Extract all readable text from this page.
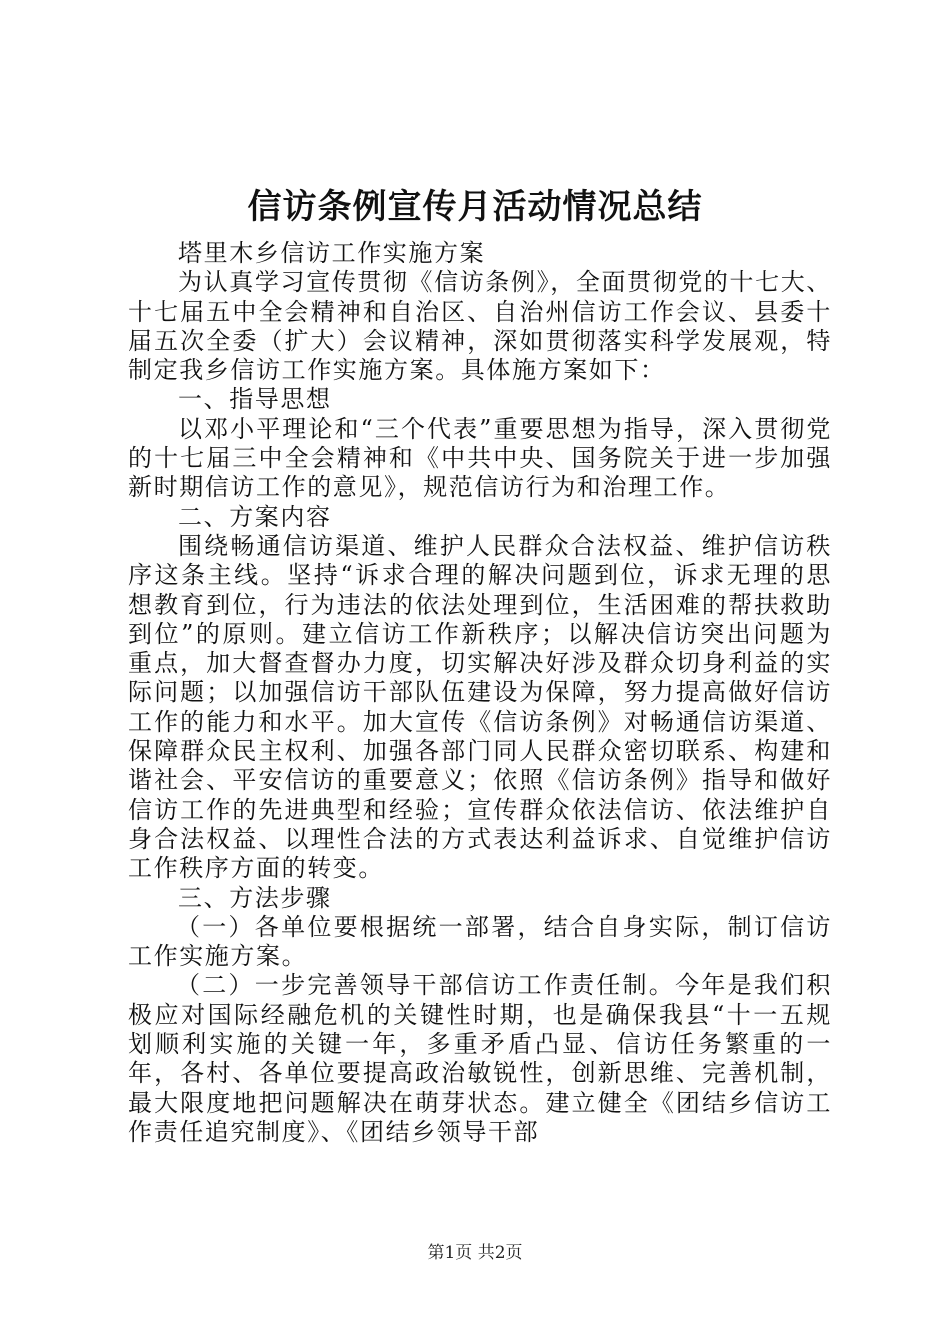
信访条例宣传月活动情况总结

塔里木乡信访工作实施方案

为认真学习宣传贯彻《信访条例》，全面贯彻党的十七大、十七届五中全会精神和自治区、自治州信访工作会议、县委十届五次全委（扩大）会议精神，深如贯彻落实科学发展观，特制定我乡信访工作实施方案。具体施方案如下：

一、指导思想

以邓小平理论和“三个代表”重要思想为指导，深入贯彻党的十七届三中全会精神和《中共中央、国务院关于进一步加强新时期信访工作的意见》，规范信访行为和治理工作。

二、方案内容

围绕畅通信访渠道、维护人民群众合法权益、维护信访秩序这条主线。坚持“诉求合理的解决问题到位，诉求无理的思想教育到位，行为违法的依法处理到位，生活困难的帮扶救助到位”的原则。建立信访工作新秩序；以解决信访突出问题为重点，加大督查督办力度，切实解决好涉及群众切身利益的实际问题；以加强信访干部队伍建设为保障，努力提高做好信访工作的能力和水平。加大宣传《信访条例》对畅通信访渠道、保障群众民主权利、加强各部门同人民群众密切联系、构建和谐社会、平安信访的重要意义；依照《信访条例》指导和做好信访工作的先进典型和经验；宣传群众依法信访、依法维护自身合法权益、以理性合法的方式表达利益诉求、自觉维护信访工作秩序方面的转变。

三、方法步骤

（一）各单位要根据统一部署，结合自身实际，制订信访工作实施方案。

（二）一步完善领导干部信访工作责任制。今年是我们积极应对国际经融危机的关键性时期，也是确保我县“十一五规划顺利实施的关键一年，多重矛盾凸显、信访任务繁重的一年，各村、各单位要提高政治敏锐性，创新思维、完善机制，最大限度地把问题解决在萌芽状态。建立健全《团结乡信访工作责任追究制度》、《团结乡领导干部

第1页 共2页
